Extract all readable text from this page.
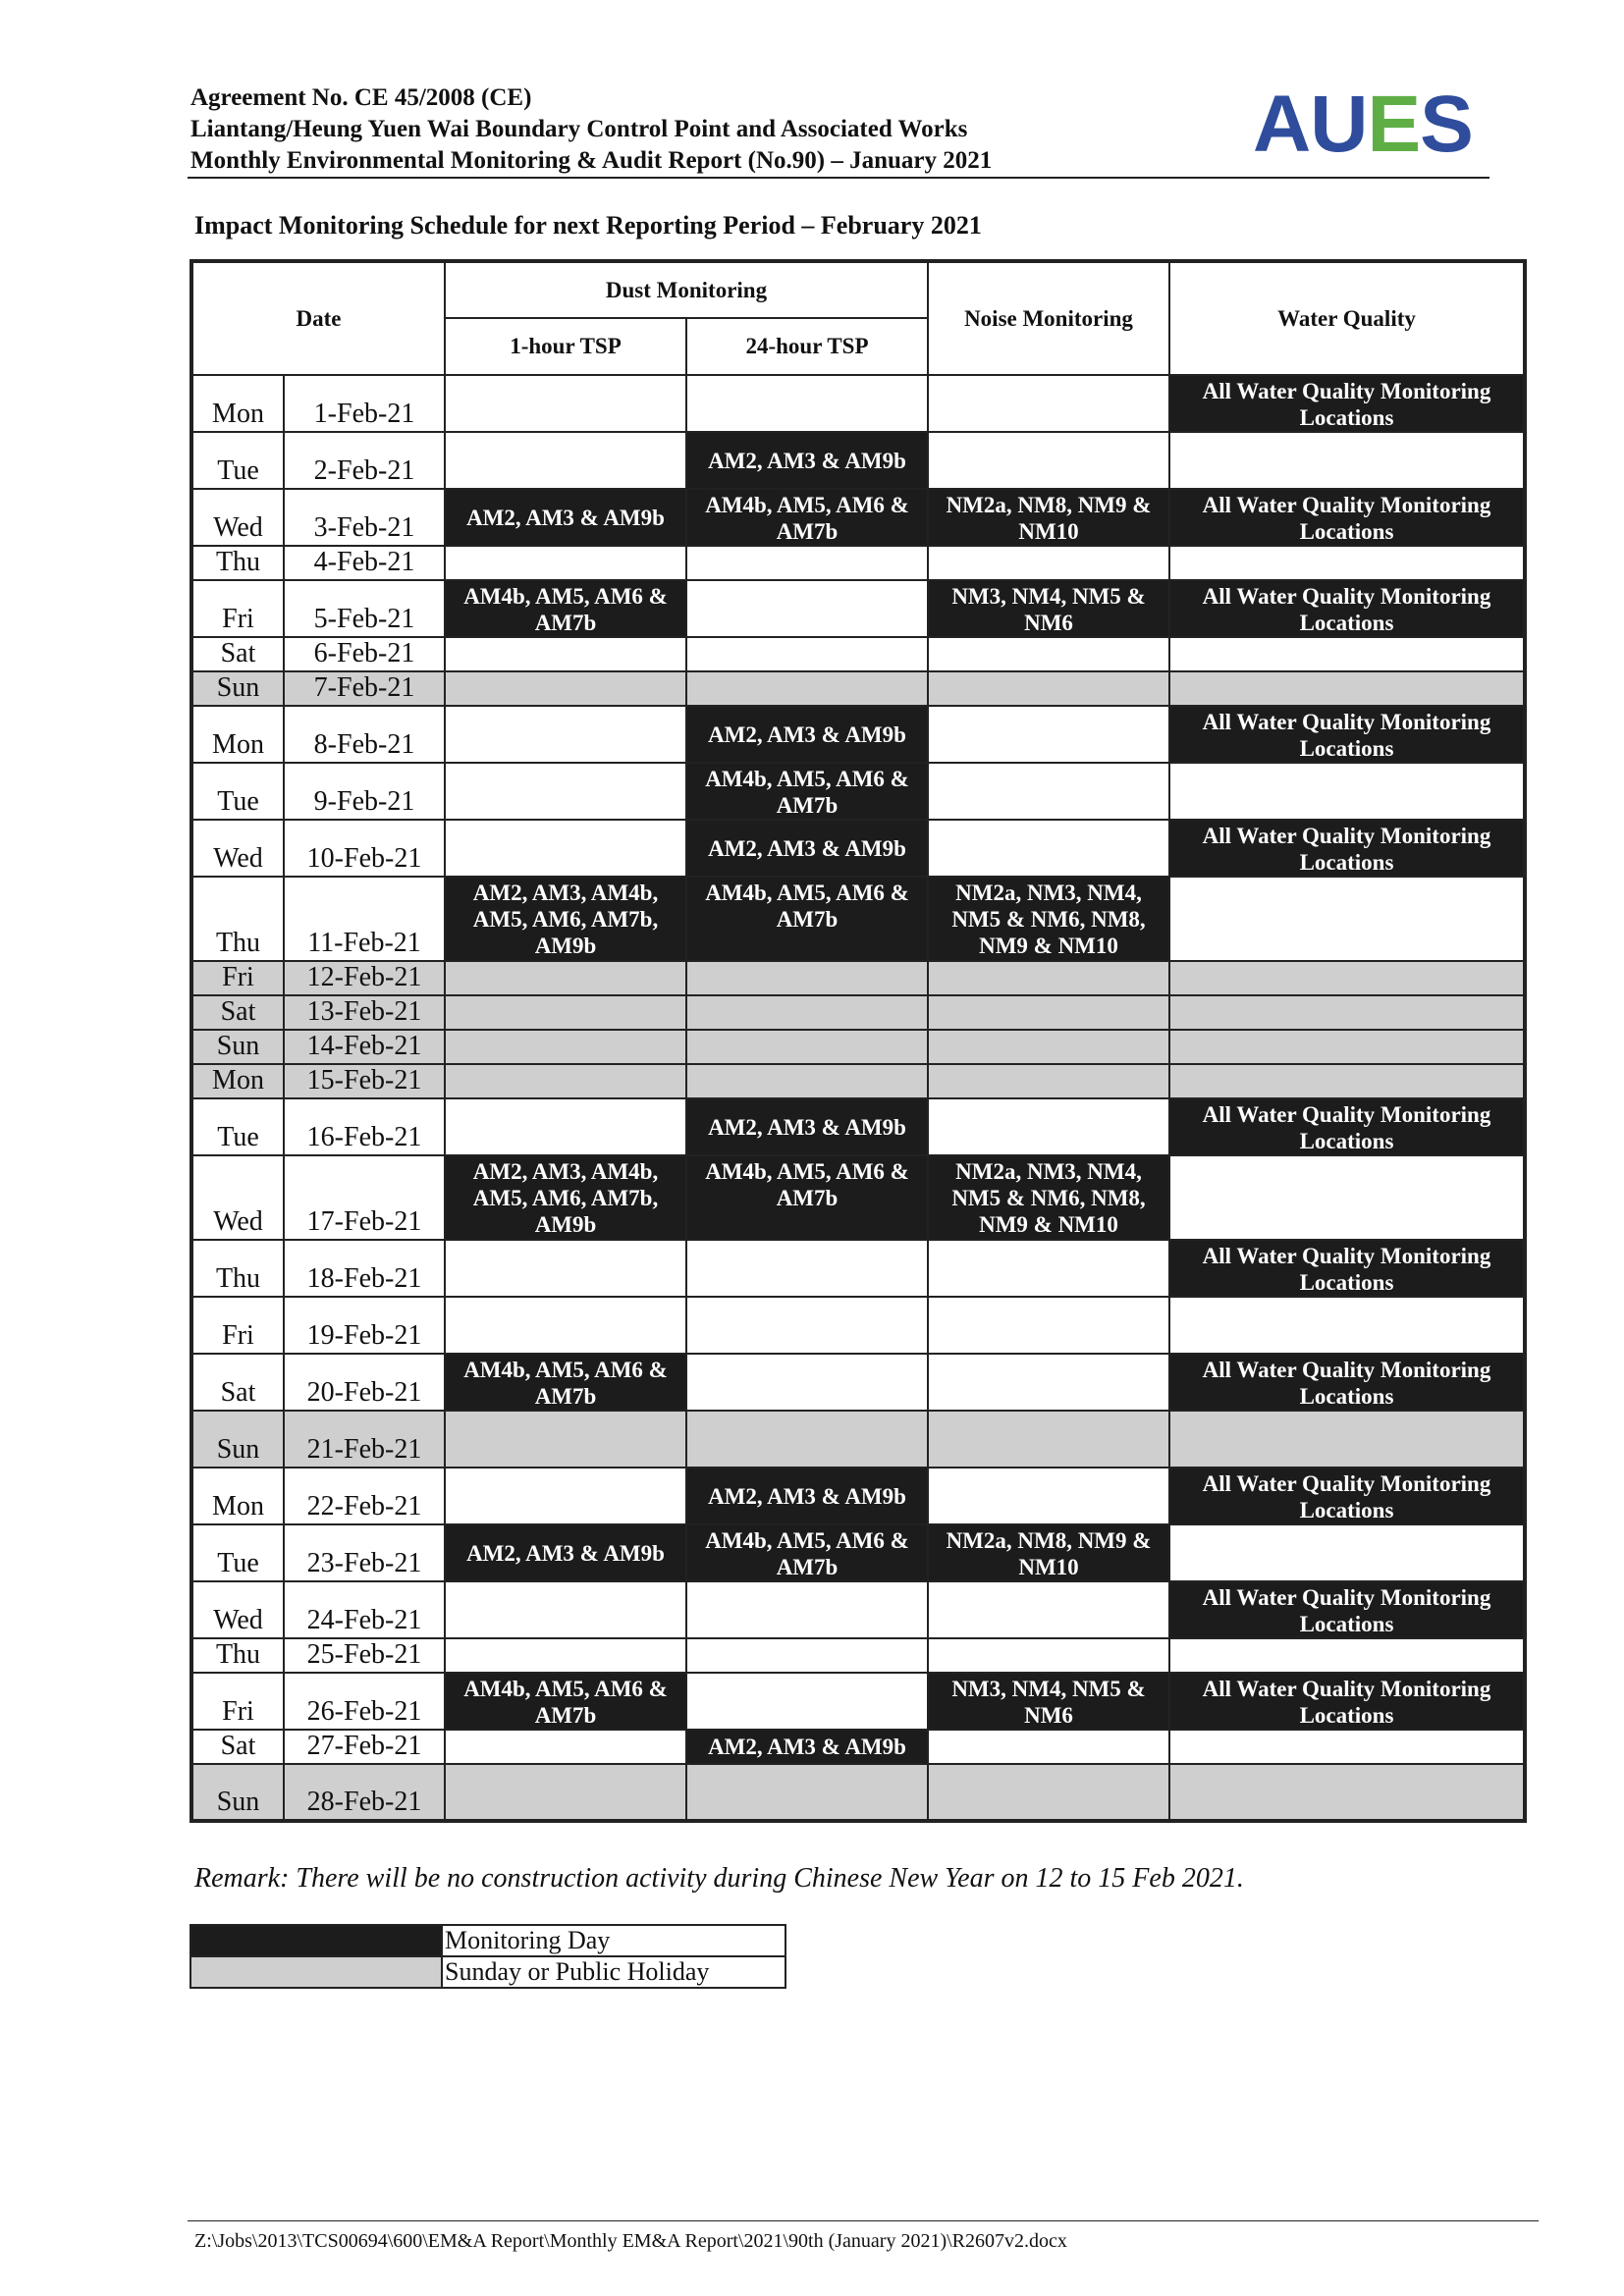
Agreement No. CE 45/2008 (CE)
Liantang/Heung Yuen Wai Boundary Control Point and Associated Works
Monthly Environmental Monitoring & Audit Report (No.90) – January 2021	AUES
Impact Monitoring Schedule for next Reporting Period – February 2021
Date		Dust Monitoring		Noise Monitoring	Water Quality
		1-hour TSP	24-hour TSP		
Mon	1-Feb-21				All Water Quality Monitoring Locations
Tue	2-Feb-21		AM2, AM3 & AM9b		
Wed	3-Feb-21	AM2, AM3 & AM9b	AM4b, AM5, AM6 & AM7b	NM2a, NM8, NM9 & NM10	All Water Quality Monitoring Locations
Thu	4-Feb-21				
Fri	5-Feb-21	AM4b, AM5, AM6 & AM7b		NM3, NM4, NM5 & NM6	All Water Quality Monitoring Locations
Sat	6-Feb-21				
Sun	7-Feb-21				
Mon	8-Feb-21		AM2, AM3 & AM9b		All Water Quality Monitoring Locations
Tue	9-Feb-21		AM4b, AM5, AM6 & AM7b		
Wed	10-Feb-21		AM2, AM3 & AM9b		All Water Quality Monitoring Locations
Thu	11-Feb-21	AM2, AM3, AM4b, AM5, AM6, AM7b, AM9b	AM4b, AM5, AM6 & AM7b	NM2a, NM3, NM4, NM5 & NM6, NM8, NM9 & NM10	
Fri	12-Feb-21				
Sat	13-Feb-21				
Sun	14-Feb-21				
Mon	15-Feb-21				
Tue	16-Feb-21		AM2, AM3 & AM9b		All Water Quality Monitoring Locations
Wed	17-Feb-21	AM2, AM3, AM4b, AM5, AM6, AM7b, AM9b	AM4b, AM5, AM6 & AM7b	NM2a, NM3, NM4, NM5 & NM6, NM8, NM9 & NM10	
Thu	18-Feb-21				All Water Quality Monitoring Locations
Fri	19-Feb-21				
Sat	20-Feb-21	AM4b, AM5, AM6 & AM7b			All Water Quality Monitoring Locations
Sun	21-Feb-21				
Mon	22-Feb-21		AM2, AM3 & AM9b		All Water Quality Monitoring Locations
Tue	23-Feb-21	AM2, AM3 & AM9b	AM4b, AM5, AM6 & AM7b	NM2a, NM8, NM9 & NM10	
Wed	24-Feb-21				All Water Quality Monitoring Locations
Thu	25-Feb-21				
Fri	26-Feb-21	AM4b, AM5, AM6 & AM7b		NM3, NM4, NM5 & NM6	All Water Quality Monitoring Locations
Sat	27-Feb-21		AM2, AM3 & AM9b		
Sun	28-Feb-21				
Remark: There will be no construction activity during Chinese New Year on 12 to 15 Feb 2021.
	Monitoring Day
	Sunday or Public Holiday
Z:\Jobs\2013\TCS00694\600\EM&A Report\Monthly EM&A Report\2021\90th (January 2021)\R2607v2.docx
